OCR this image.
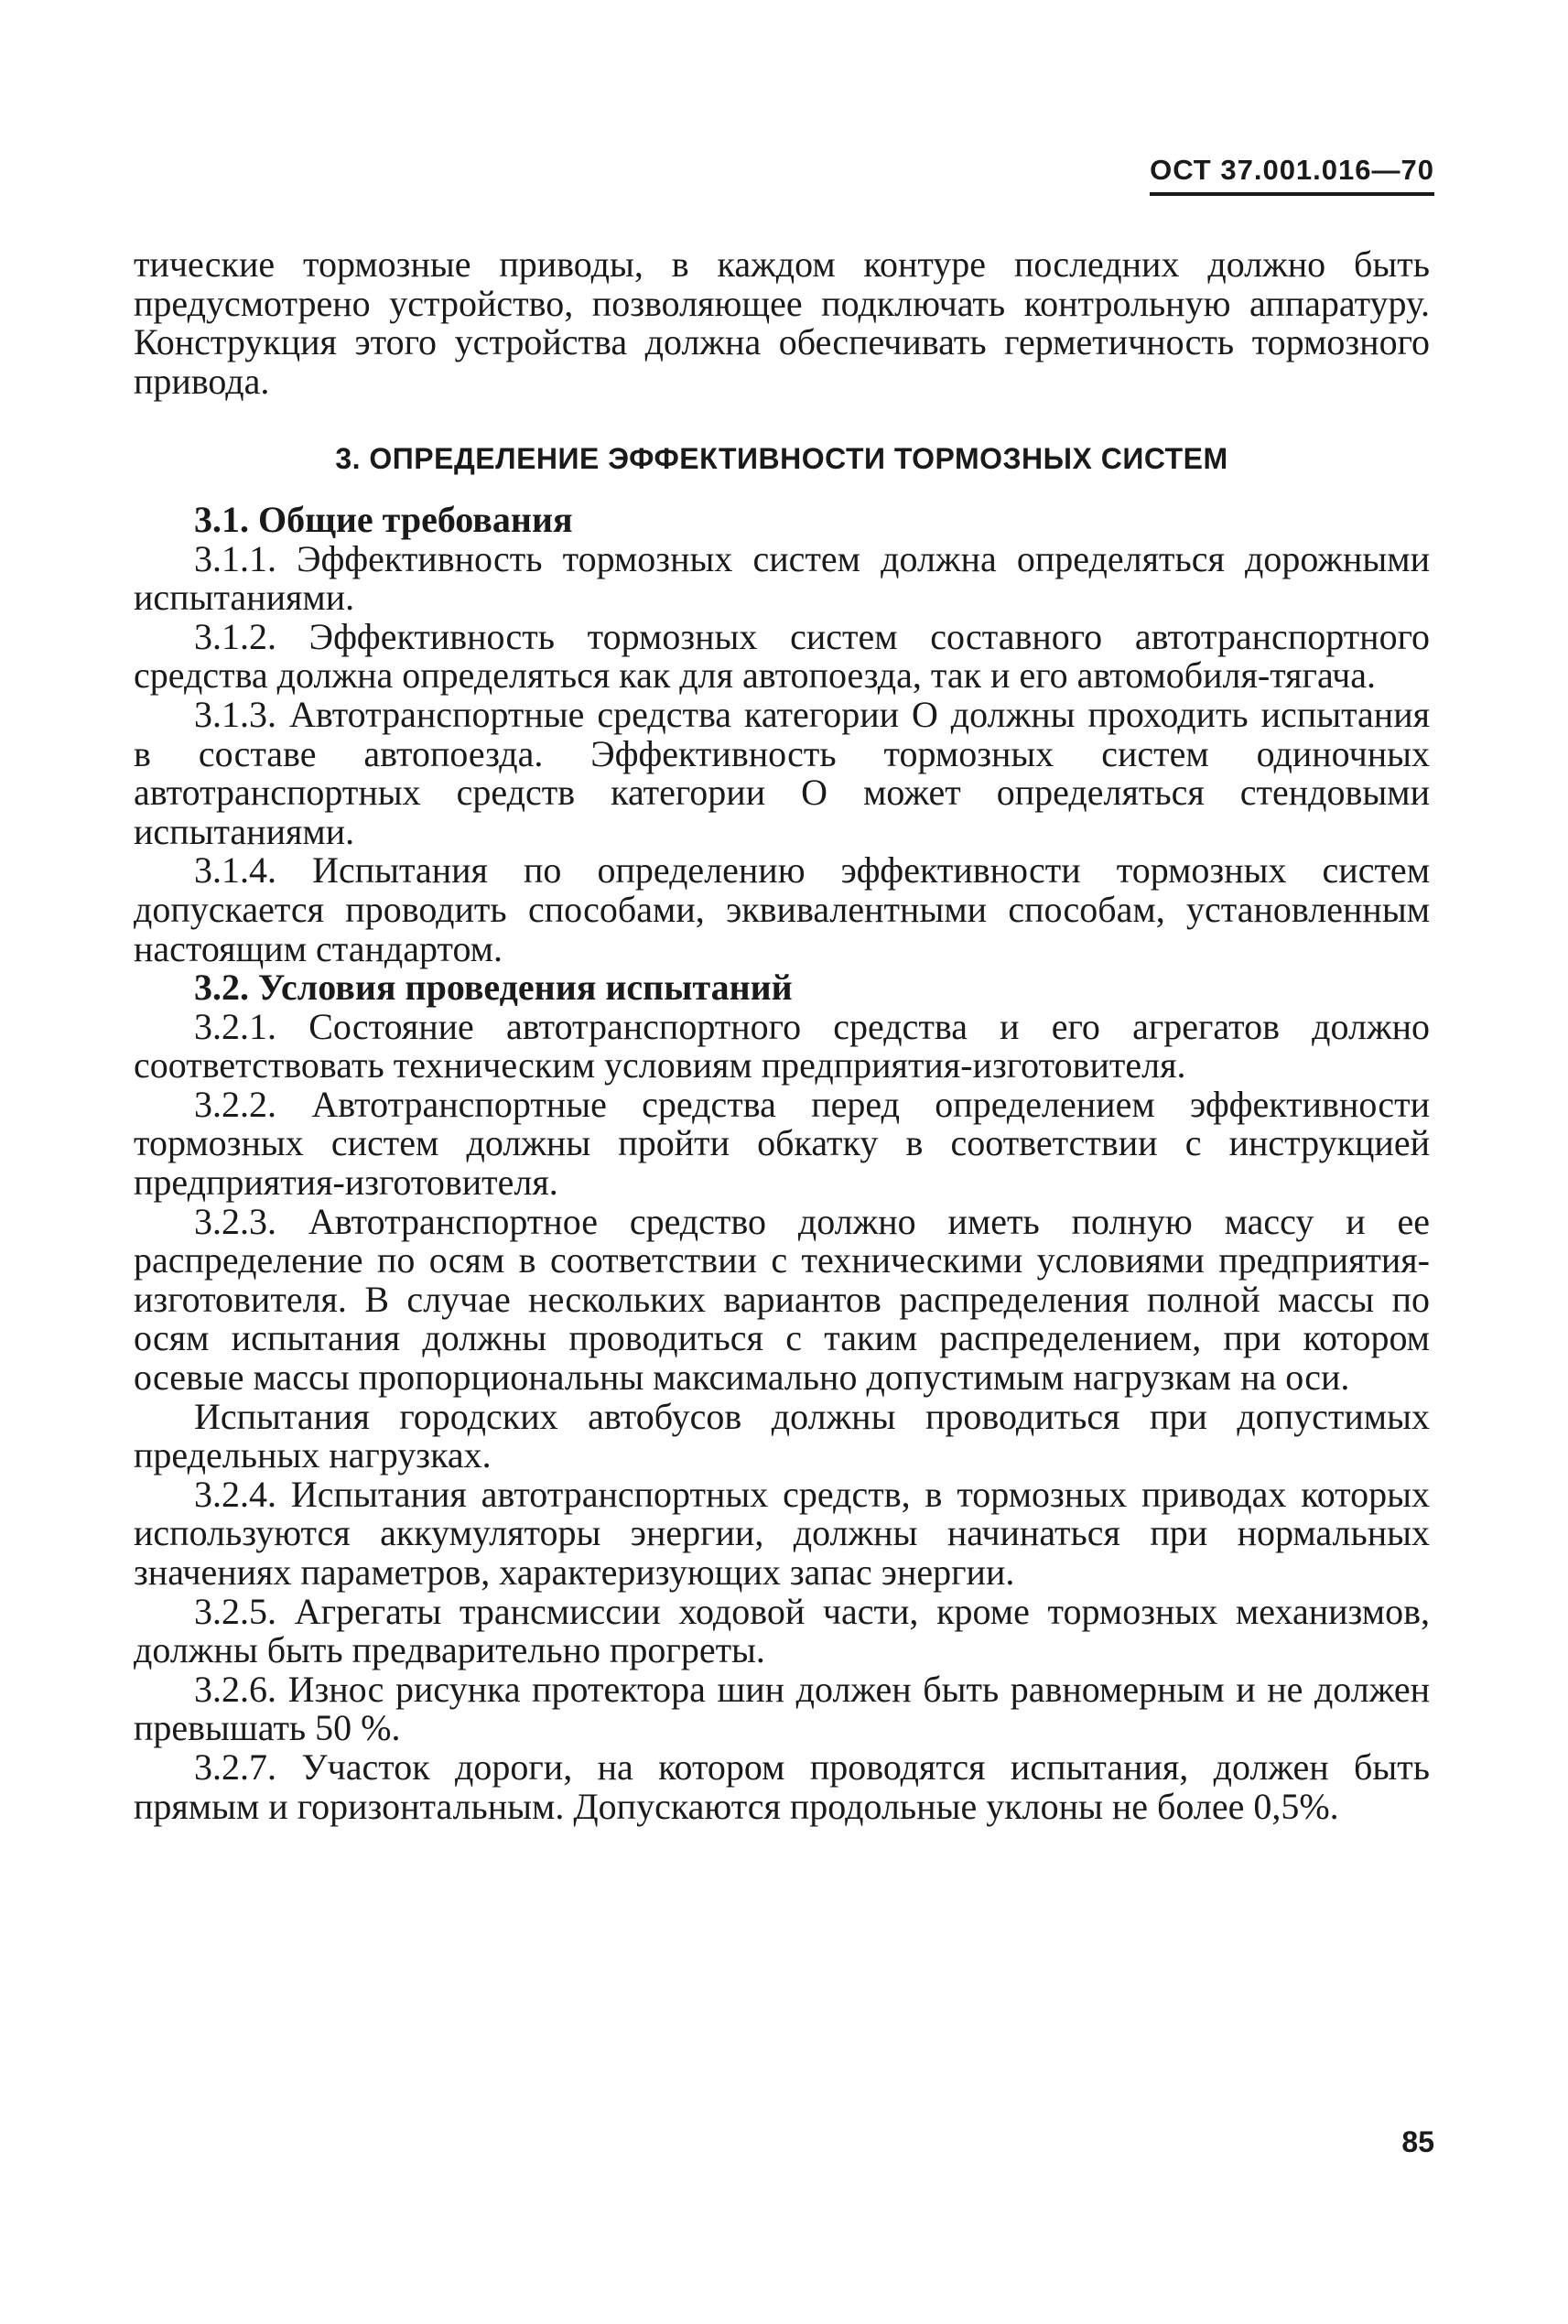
ОСТ 37.001.016—70

тические тормозные приводы, в каждом контуре последних должно быть предусмотрено устройство, позволяющее подключать контрольную аппаратуру. Конструкция этого устройства должна обеспечивать герметичность тормозного привода.

3. ОПРЕДЕЛЕНИЕ ЭФФЕКТИВНОСТИ ТОРМОЗНЫХ СИСТЕМ

3.1. Общие требования

3.1.1. Эффективность тормозных систем должна определяться дорожными испытаниями.

3.1.2. Эффективность тормозных систем составного автотранспортного средства должна определяться как для автопоезда, так и его автомобиля-тягача.

3.1.3. Автотранспортные средства категории О должны проходить испытания в составе автопоезда. Эффективность тормозных систем одиночных автотранспортных средств категории О может определяться стендовыми испытаниями.

3.1.4. Испытания по определению эффективности тормозных систем допускается проводить способами, эквивалентными способам, установленным настоящим стандартом.

3.2. Условия проведения испытаний

3.2.1. Состояние автотранспортного средства и его агрегатов должно соответствовать техническим условиям предприятия-изготовителя.

3.2.2. Автотранспортные средства перед определением эффективности тормозных систем должны пройти обкатку в соответствии с инструкцией предприятия-изготовителя.

3.2.3. Автотранспортное средство должно иметь полную массу и ее распределение по осям в соответствии с техническими условиями предприятия-изготовителя. В случае нескольких вариантов распределения полной массы по осям испытания должны проводиться с таким распределением, при котором осевые массы пропорциональны максимально допустимым нагрузкам на оси.

Испытания городских автобусов должны проводиться при допустимых предельных нагрузках.

3.2.4. Испытания автотранспортных средств, в тормозных приводах которых используются аккумуляторы энергии, должны начинаться при нормальных значениях параметров, характеризующих запас энергии.

3.2.5. Агрегаты трансмиссии ходовой части, кроме тормозных механизмов, должны быть предварительно прогреты.

3.2.6. Износ рисунка протектора шин должен быть равномерным и не должен превышать 50 %.

3.2.7. Участок дороги, на котором проводятся испытания, должен быть прямым и горизонтальным. Допускаются продольные уклоны не более 0,5%.

85
